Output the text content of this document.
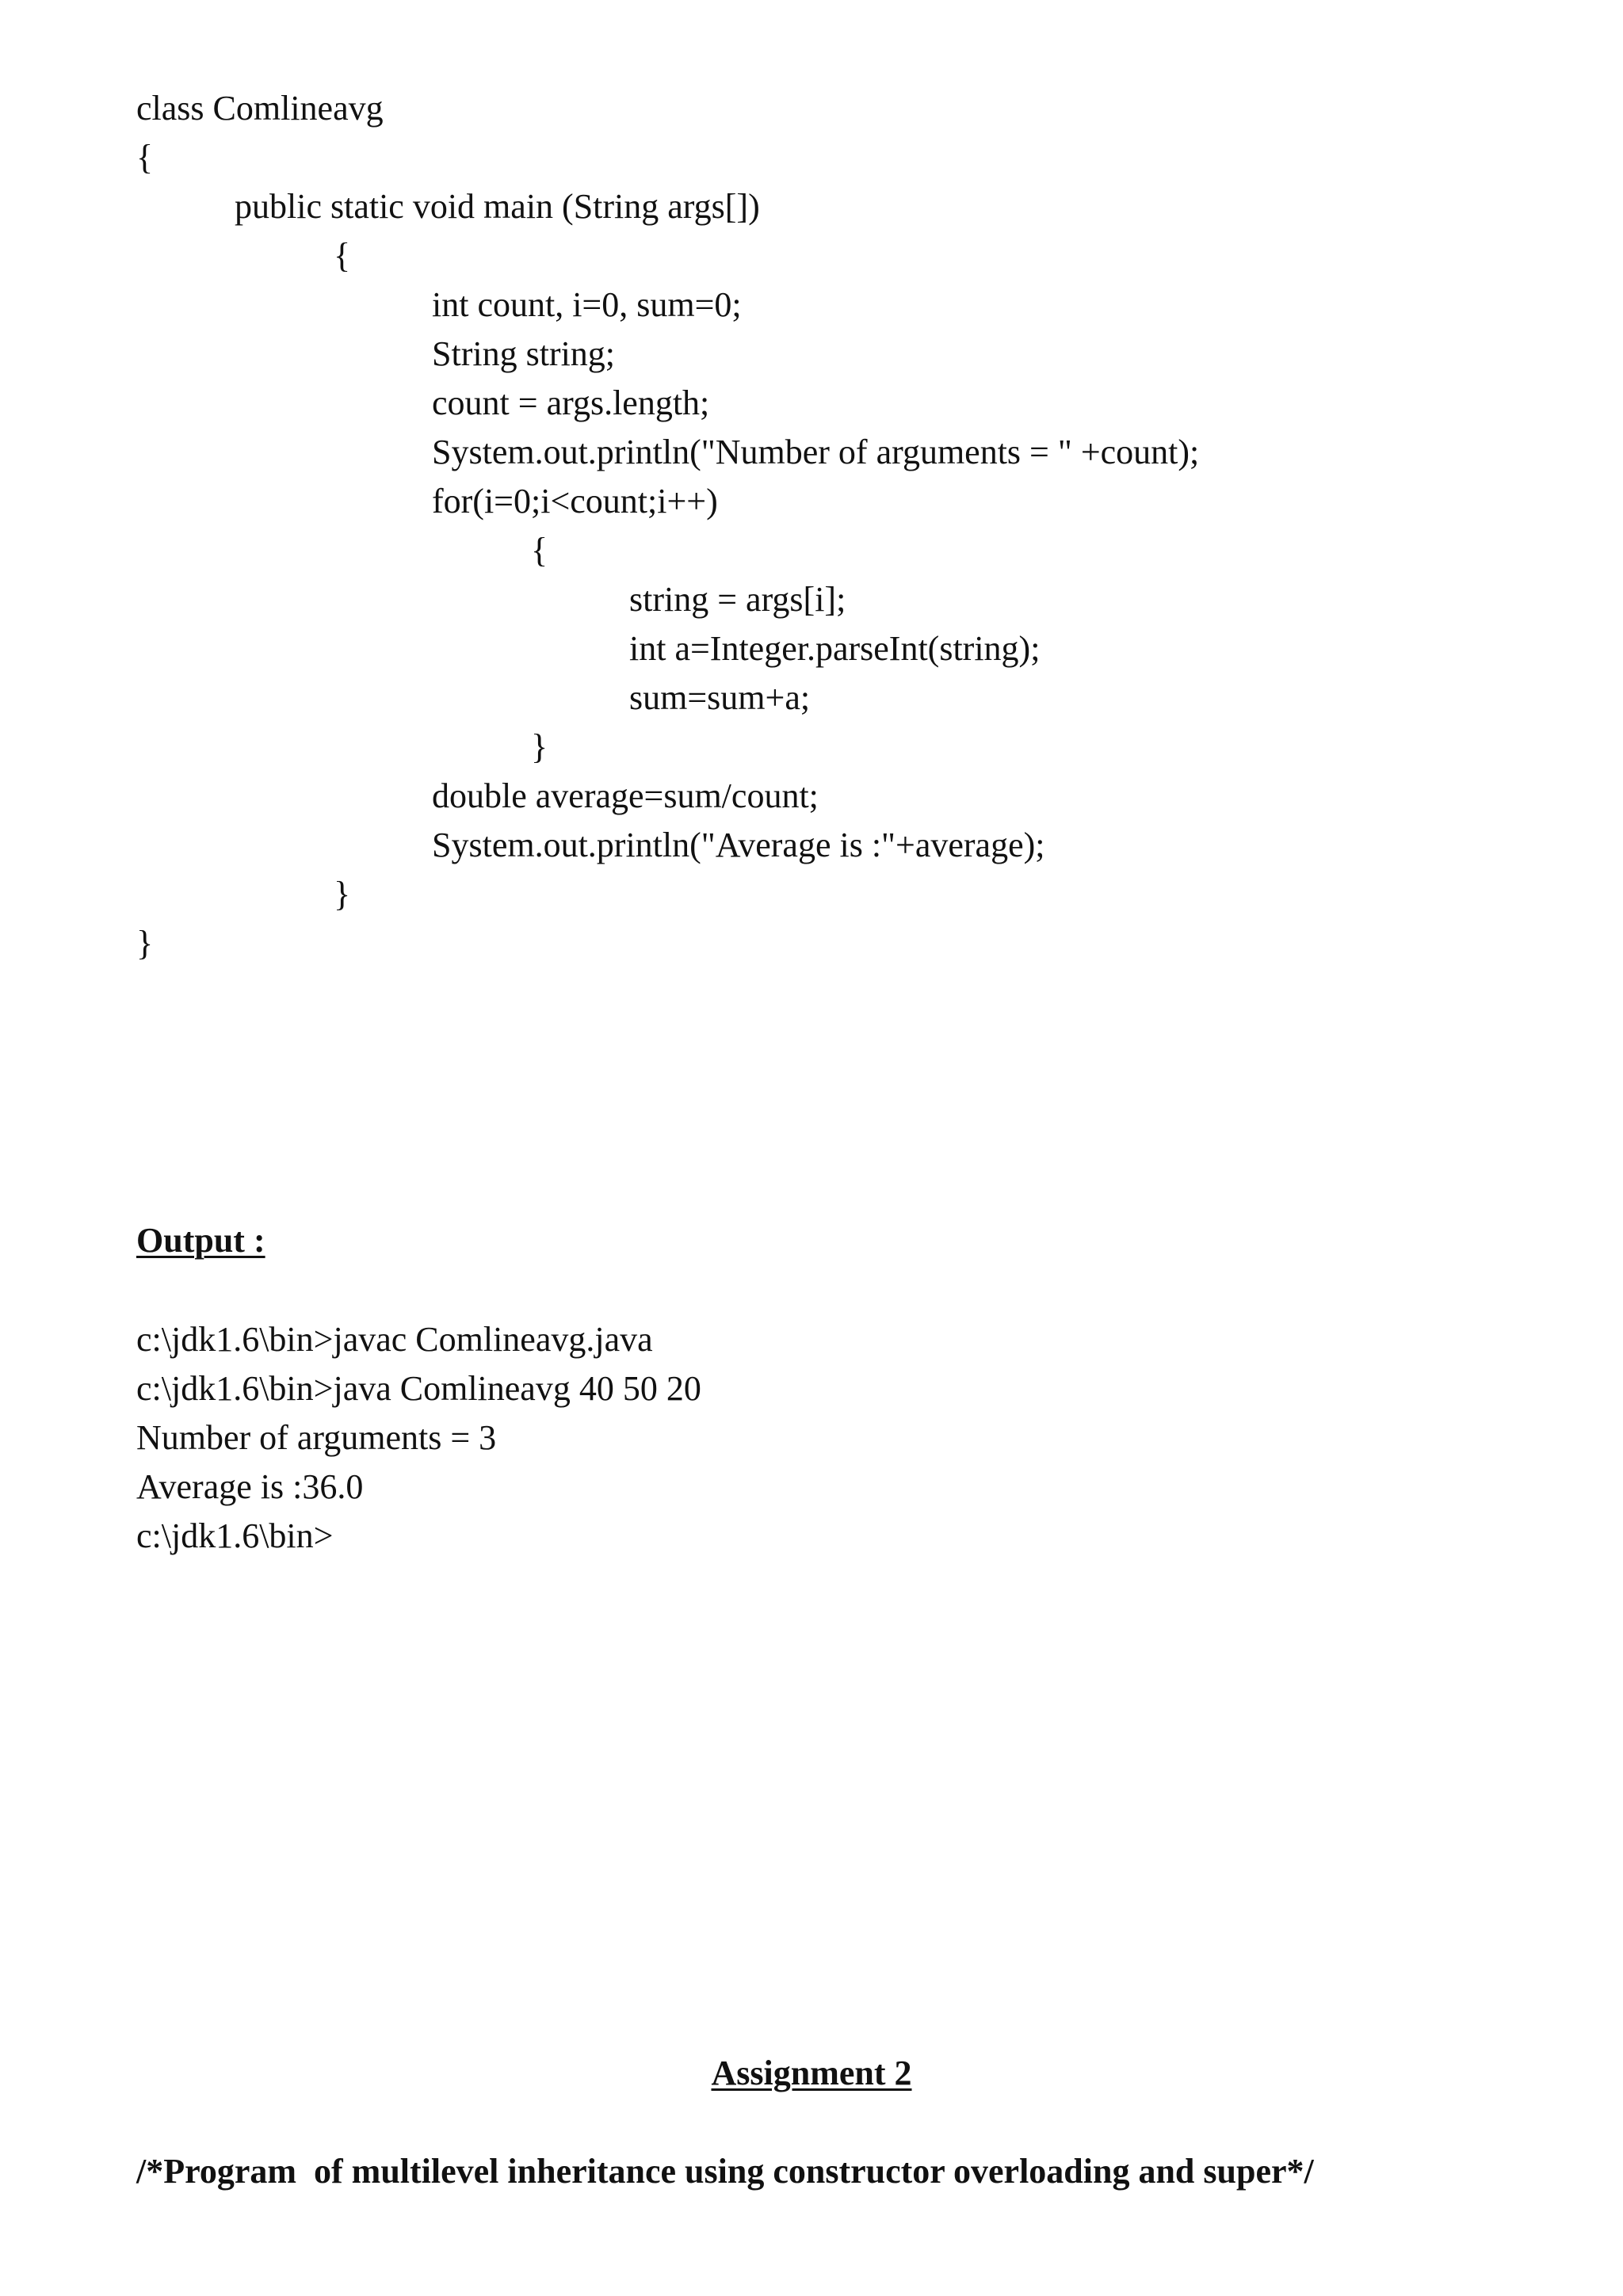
class Comlineavg
{
public static void main (String args[])
{
int count, i=0, sum=0;
String string;
count = args.length;
System.out.println("Number of arguments = " +count);
for(i=0;i<count;i++)
{
string = args[i];
int a=Integer.parseInt(string);
sum=sum+a;
}
double average=sum/count;
System.out.println("Average is :"+average);
}
}
Output :
c:\jdk1.6\bin>javac Comlineavg.java
c:\jdk1.6\bin>java Comlineavg 40 50 20
Number of arguments = 3
Average is :36.0
c:\jdk1.6\bin>
Assignment 2
/*Program  of multilevel inheritance using constructor overloading and super*/
